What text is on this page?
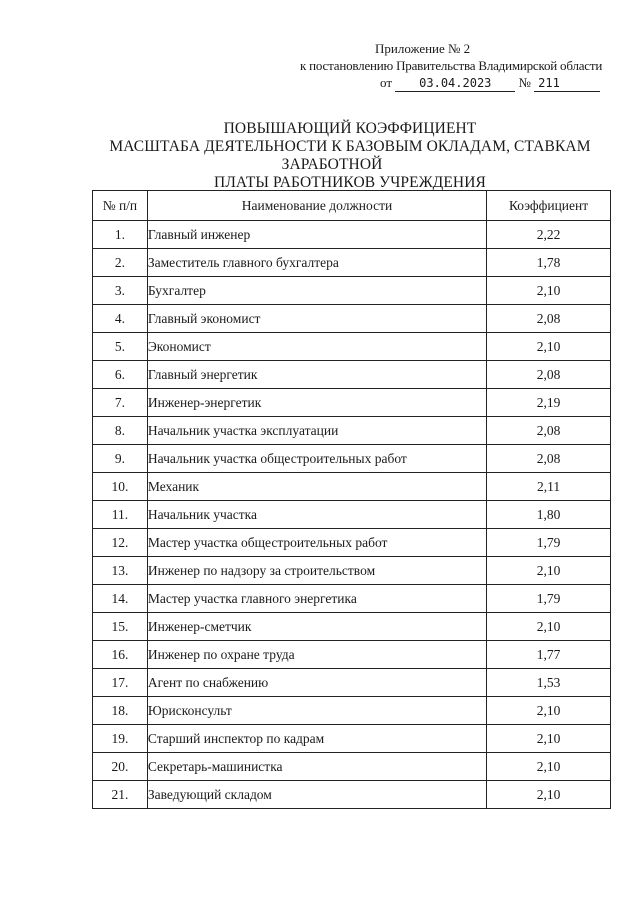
Приложение № 2
к постановлению Правительства Владимирской области
от 03.04.2023 № 211
ПОВЫШАЮЩИЙ КОЭФФИЦИЕНТ
МАСШТАБА ДЕЯТЕЛЬНОСТИ К БАЗОВЫМ ОКЛАДАМ, СТАВКАМ
ЗАРАБОТНОЙ
ПЛАТЫ РАБОТНИКОВ УЧРЕЖДЕНИЯ
№ п/п	Наименование должности	Коэффициент
1.	Главный инженер	2,22
2.	Заместитель главного бухгалтера	1,78
3.	Бухгалтер	2,10
4.	Главный экономист	2,08
5.	Экономист	2,10
6.	Главный энергетик	2,08
7.	Инженер-энергетик	2,19
8.	Начальник участка эксплуатации	2,08
9.	Начальник участка общестроительных работ	2,08
10.	Механик	2,11
11.	Начальник участка	1,80
12.	Мастер участка общестроительных работ	1,79
13.	Инженер по надзору за строительством	2,10
14.	Мастер участка главного энергетика	1,79
15.	Инженер-сметчик	2,10
16.	Инженер по охране труда	1,77
17.	Агент по снабжению	1,53
18.	Юрисконсульт	2,10
19.	Старший инспектор по кадрам	2,10
20.	Секретарь-машинистка	2,10
21.	Заведующий складом	2,10
